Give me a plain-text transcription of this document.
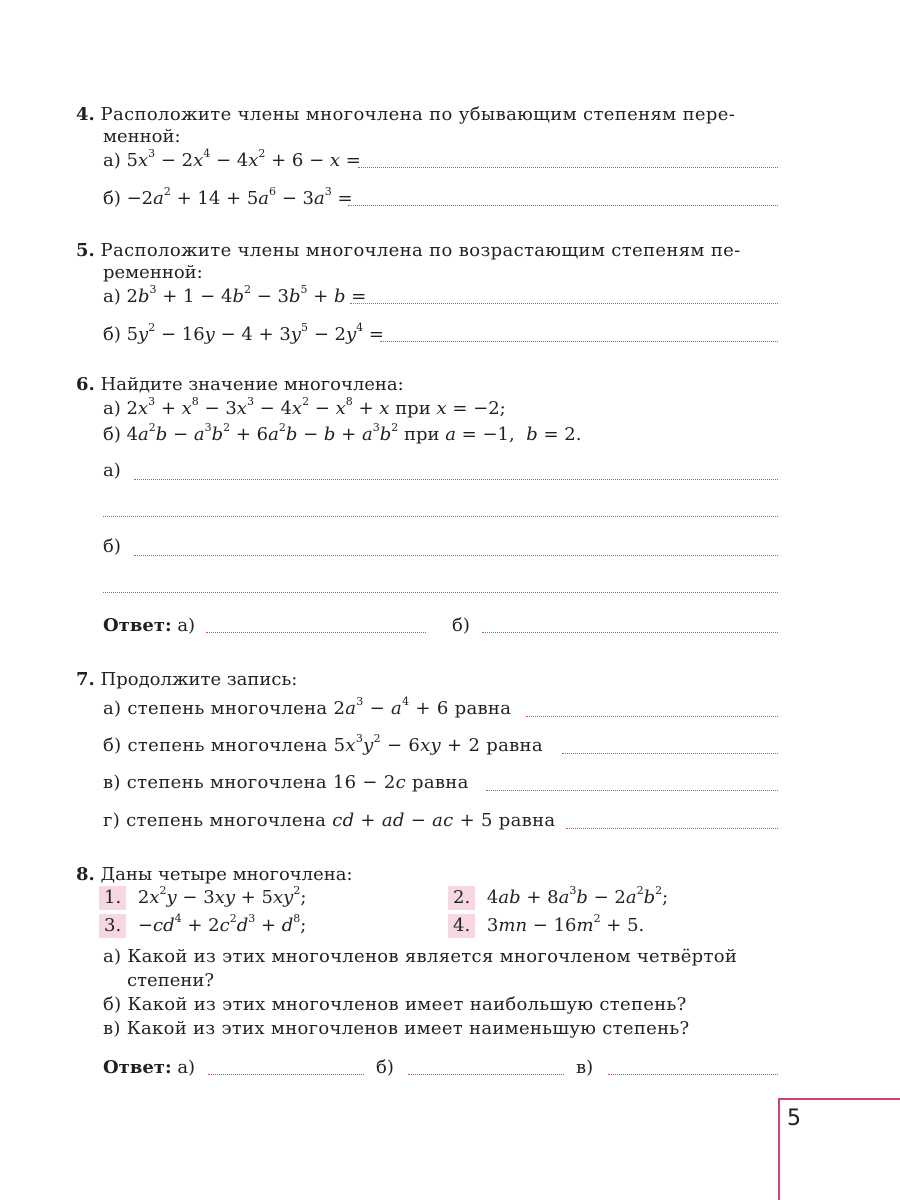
4. Расположите члены многочлена по убывающим степеням пере-
менной:
а) $5x^3 - 2x^4 - 4x^2 + 6 - x$ =
$б) -2a^2 + 14 + 5a^6 - 3a^3$ =
5. Расположите члены многочлена по возрастающим степеням пе-
ременной:
а) $2b^3 + 1 - 4b^2 - 3b^5 + b$ =
б) $5y^2 - 16y - 4 + 3y^5 - 2y^4$ =
6. Найдите значение многочлена:
а) $2x^3 + x^8 - 3x^3 - 4x^2 - x^8 + x$ при x = −2;
б) $4a^2b - a^3b^2 + 6a^2b - b + a^3b^2$ при a = −1,  b = 2.
а)
б)
Ответ: а)	б)
7. Продолжите запись:
а) степень многочлена $2a^3 - a^4 + 6$ равна
б) степень многочлена $5x^3y^2 - 6xy + 2$ равна
в) степень многочлена 16 − 2c равна
г) степень многочлена cd + ad − ac + 5 равна
8. Даны четыре многочлена:
1. $2x^2y - 3xy + 5xy^2$;	2. $4ab + 8a^3b - 2a^2b^2$;
3. $-cd^4 + 2c^2d^3 + d^8$;	4. $3mn - 16m^2 + 5$.
а) Какой из этих многочленов является многочленом четвёртой
степени?
б) Какой из этих многочленов имеет наибольшую степень?
в) Какой из этих многочленов имеет наименьшую степень?
Ответ: а)	б)	в)
5
